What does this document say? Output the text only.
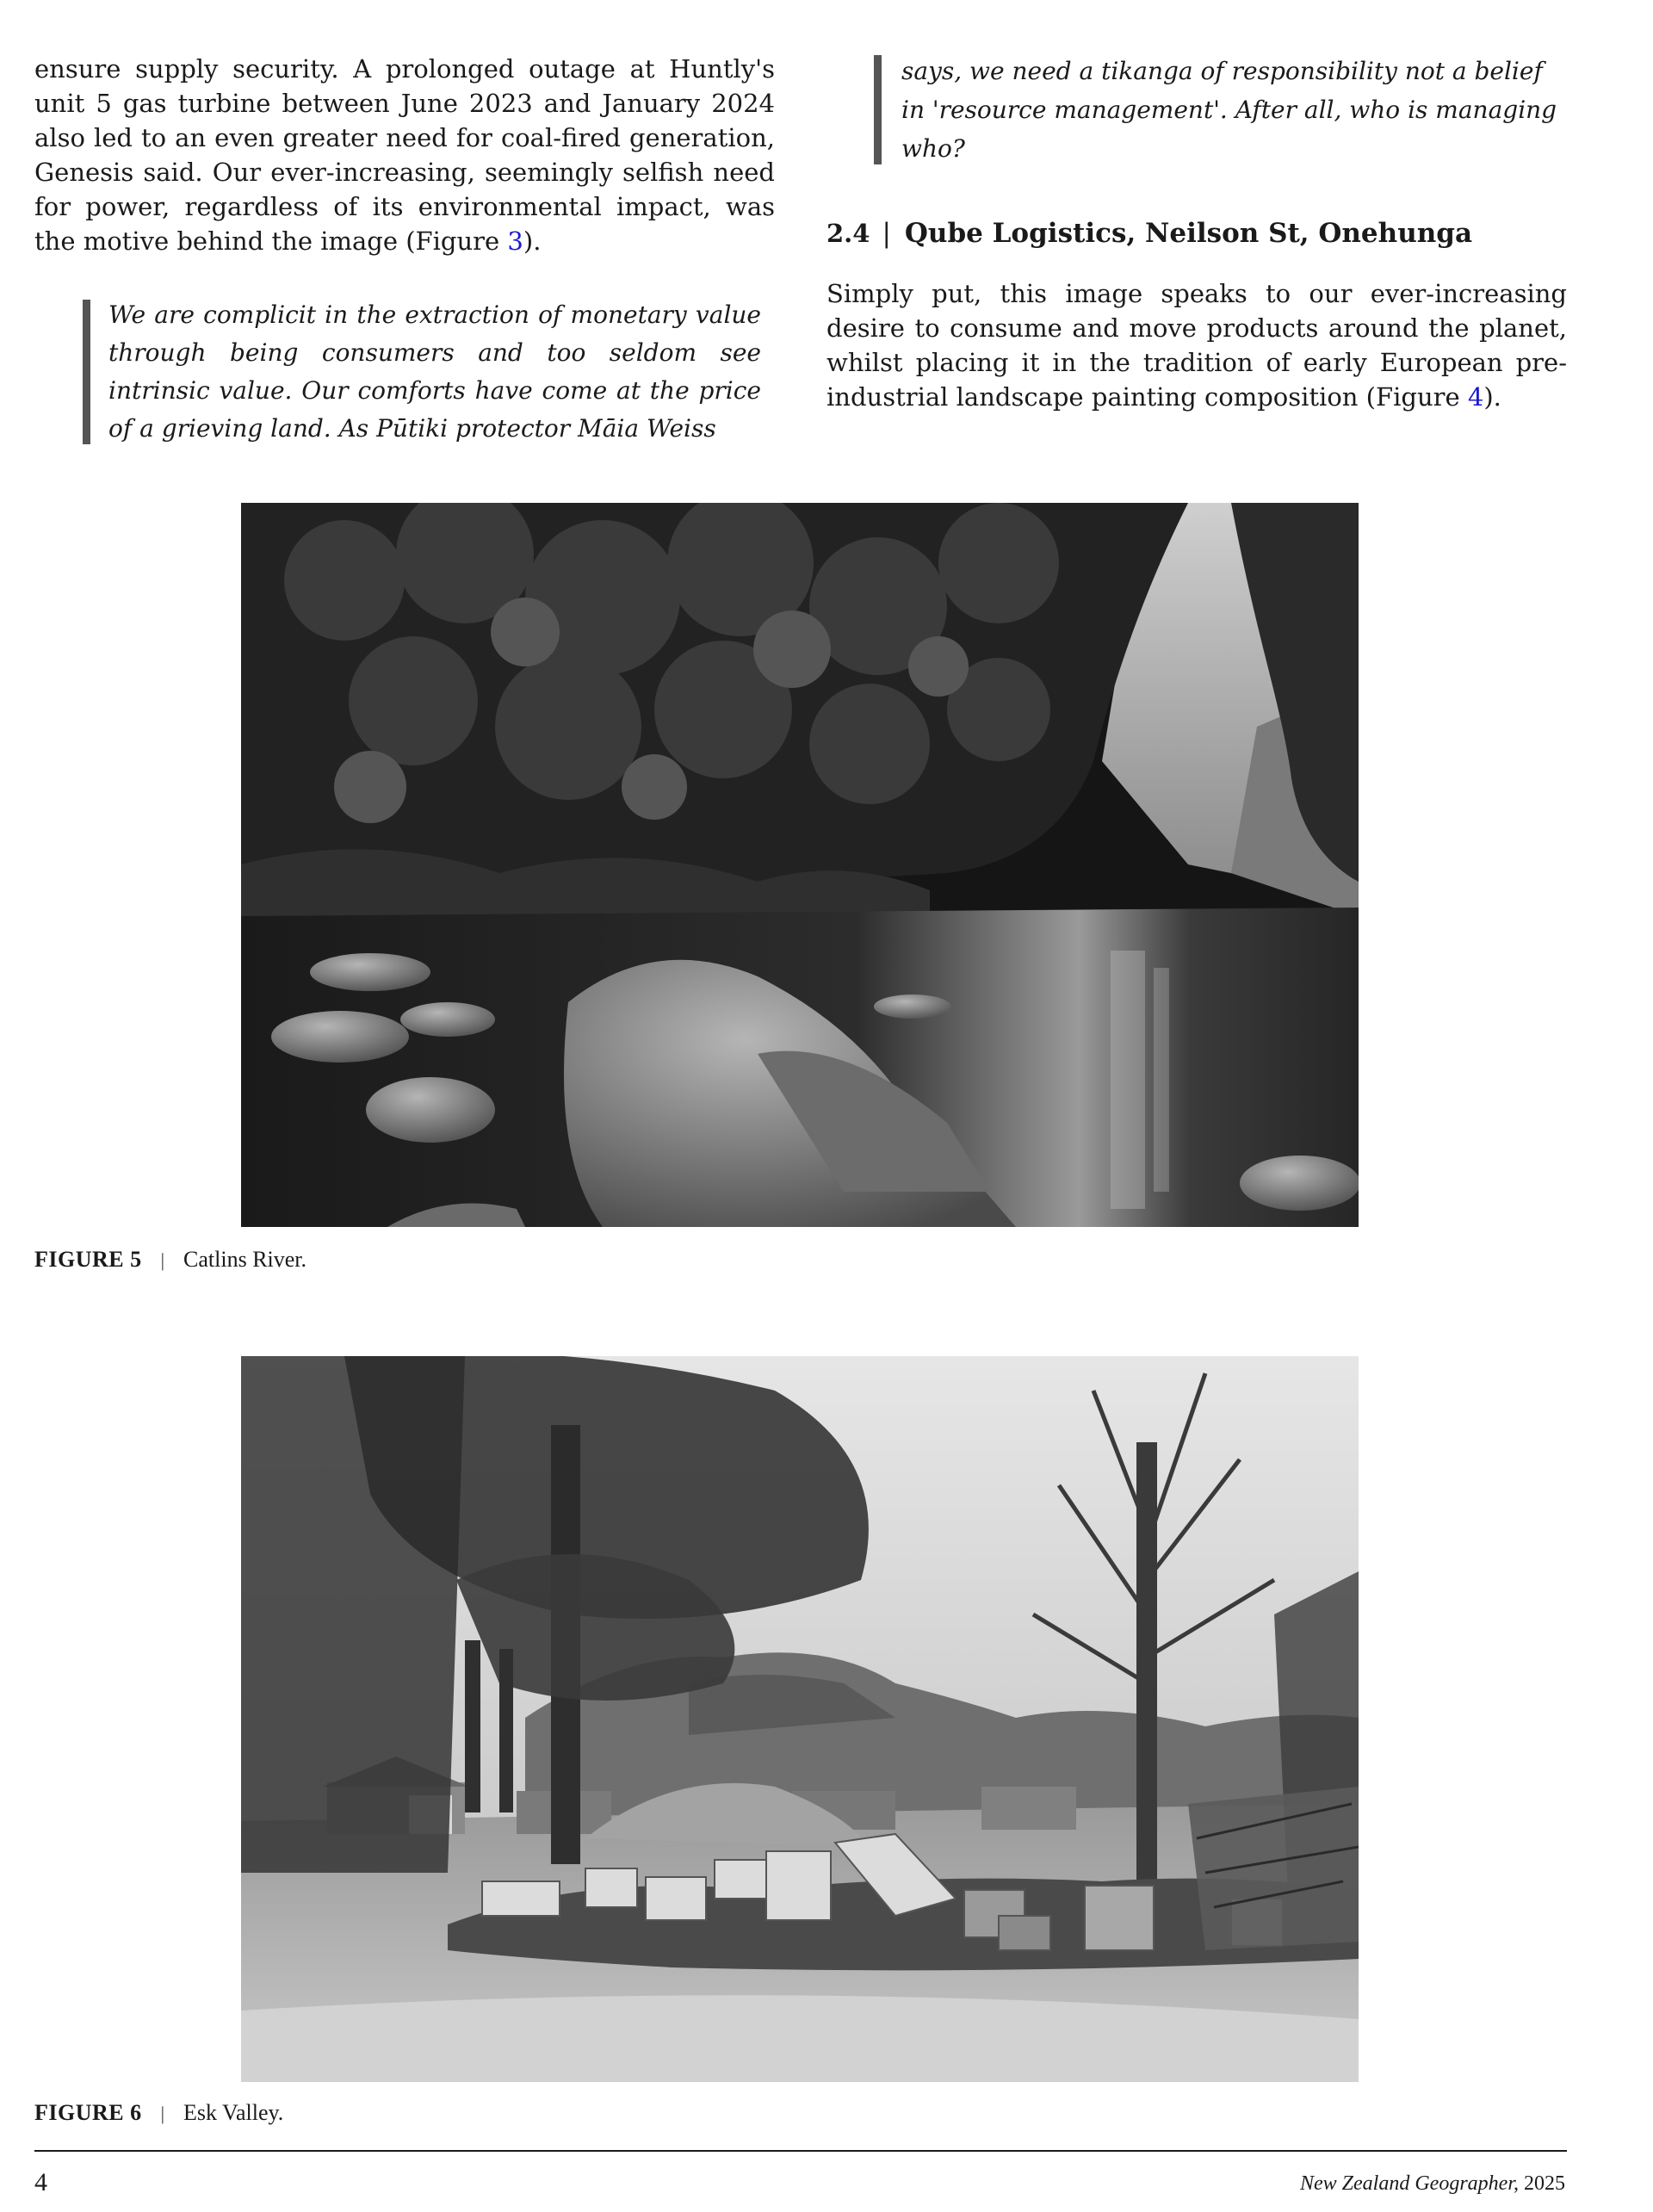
ensure supply security. A prolonged outage at Huntly's unit 5 gas turbine between June 2023 and January 2024 also led to an even greater need for coal-fired generation, Genesis said. Our ever-increasing, seemingly selfish need for power, regardless of its environmental impact, was the motive behind the image (Figure 3).

We are complicit in the extraction of monetary value through being consumers and too seldom see intrinsic value. Our comforts have come at the price of a grieving land. As Pūtiki protector Māia Weiss
says, we need a tikanga of responsibility not a belief in 'resource management'. After all, who is managing who?
2.4 | Qube Logistics, Neilson St, Onehunga

Simply put, this image speaks to our ever-increasing desire to consume and move products around the planet, whilst placing it in the tradition of early European pre-industrial landscape painting composition (Figure 4).

FIGURE 5 | Catlins River.
FIGURE 6 | Esk Valley.
4	New Zealand Geographer, 2025
